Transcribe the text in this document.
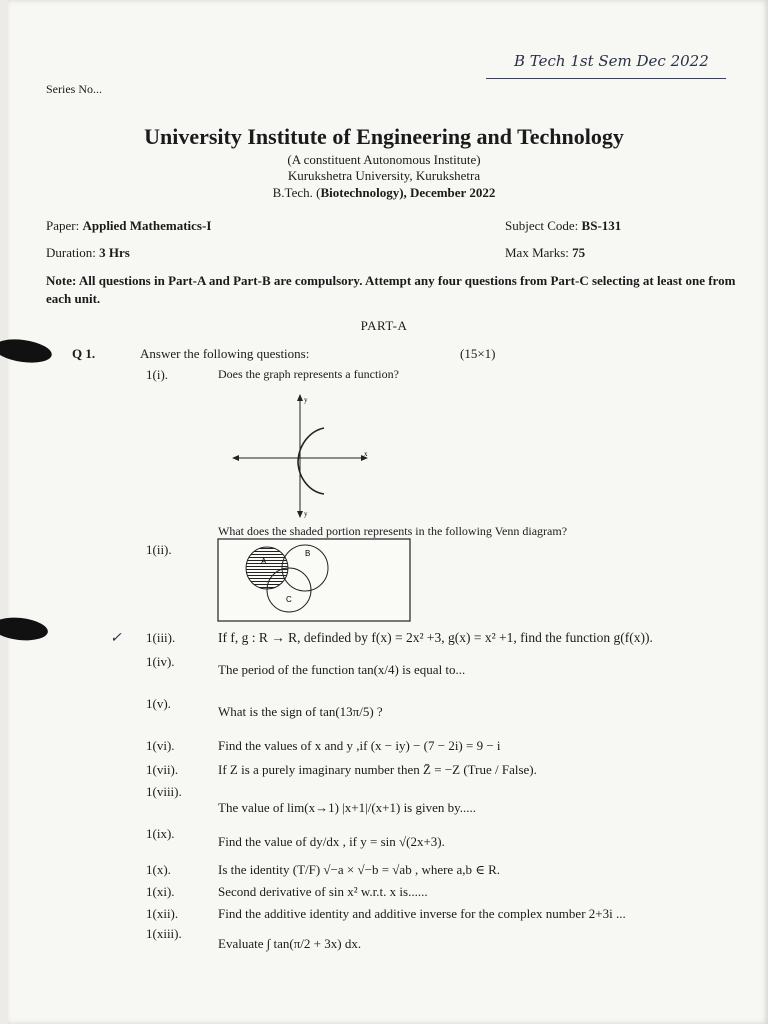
B Tech 1st Sem Dec 2022
Series No...
University Institute of Engineering and Technology
(A constituent Autonomous Institute)
Kurukshetra University, Kurukshetra
B.Tech. (Biotechnology), December 2022
Paper: Applied Mathematics-I	Subject Code: BS-131
Duration: 3 Hrs	Max Marks: 75
Note: All questions in Part-A and Part-B are compulsory. Attempt any four questions from Part-C selecting at least one from each unit.
PART-A
Q 1.	Answer the following questions:	(15×1)
1(i).	Does the graph represents a function?
y
x
y
What does the shaded portion represents in the following Venn diagram?
1(ii).
A
B
C
✓ 1(iii).	If f, g : R → R, definded by f(x) = 2x² +3, g(x) = x² +1, find the function g(f(x)).
1(iv).
The period of the function tan(x/4) is equal to...
1(v).
What is the sign of tan(13π/5) ?
1(vi).	Find the values of x and y ,if (x − iy) − (7 − 2i) = 9 − i
1(vii).	If Z is a purely imaginary number then Z̄ = −Z (True / False).
1(viii).
The value of lim(x→1) |x+1|/(x+1) is given by.....
1(ix).
Find the value of dy/dx , if y = sin √(2x+3).
1(x).	Is the identity (T/F) √−a × √−b = √ab , where a,b ∈ R.
1(xi).	Second derivative of sin x² w.r.t. x is......
1(xii).	Find the additive identity and additive inverse for the complex number 2+3i ...
1(xiii).
Evaluate ∫ tan(π/2 + 3x) dx.
